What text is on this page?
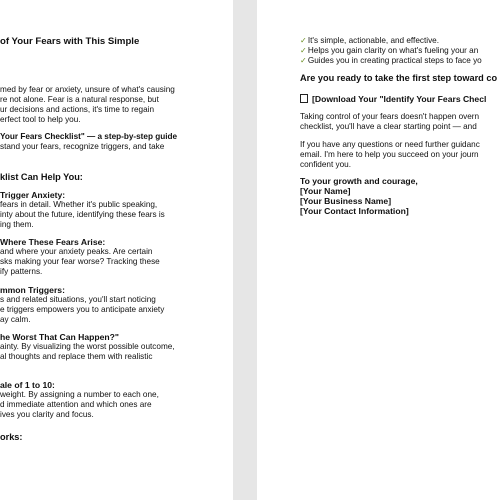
of Your Fears with This Simple
med by fear or anxiety, unsure of what's causing
re not alone. Fear is a natural response, but
ur decisions and actions, it's time to regain
erfect tool to help you.
Your Fears Checklist" — a step-by-step guide
stand your fears, recognize triggers, and take
klist Can Help You:
Trigger Anxiety:
fears in detail. Whether it's public speaking,
inty about the future, identifying these fears is
ing them.
Where These Fears Arise:
and where your anxiety peaks. Are certain
sks making your fear worse? Tracking these
ify patterns.
mmon Triggers:
s and related situations, you'll start noticing
e triggers empowers you to anticipate anxiety
ay calm.
he Worst That Can Happen?"
ainty. By visualizing the worst possible outcome,
al thoughts and replace them with realistic
ale of 1 to 10:
weight. By assigning a number to each one,
d immediate attention and which ones are
ives you clarity and focus.
orks:
✓It's simple, actionable, and effective.
✓Helps you gain clarity on what's fueling your an
✓Guides you in creating practical steps to face yo
Are you ready to take the first step toward co
[Download Your "Identify Your Fears Checl
Taking control of your fears doesn't happen overn
checklist, you'll have a clear starting point — and
If you have any questions or need further guidanc
email. I'm here to help you succeed on your journ
confident you.
To your growth and courage,
[Your Name]
[Your Business Name]
[Your Contact Information]
